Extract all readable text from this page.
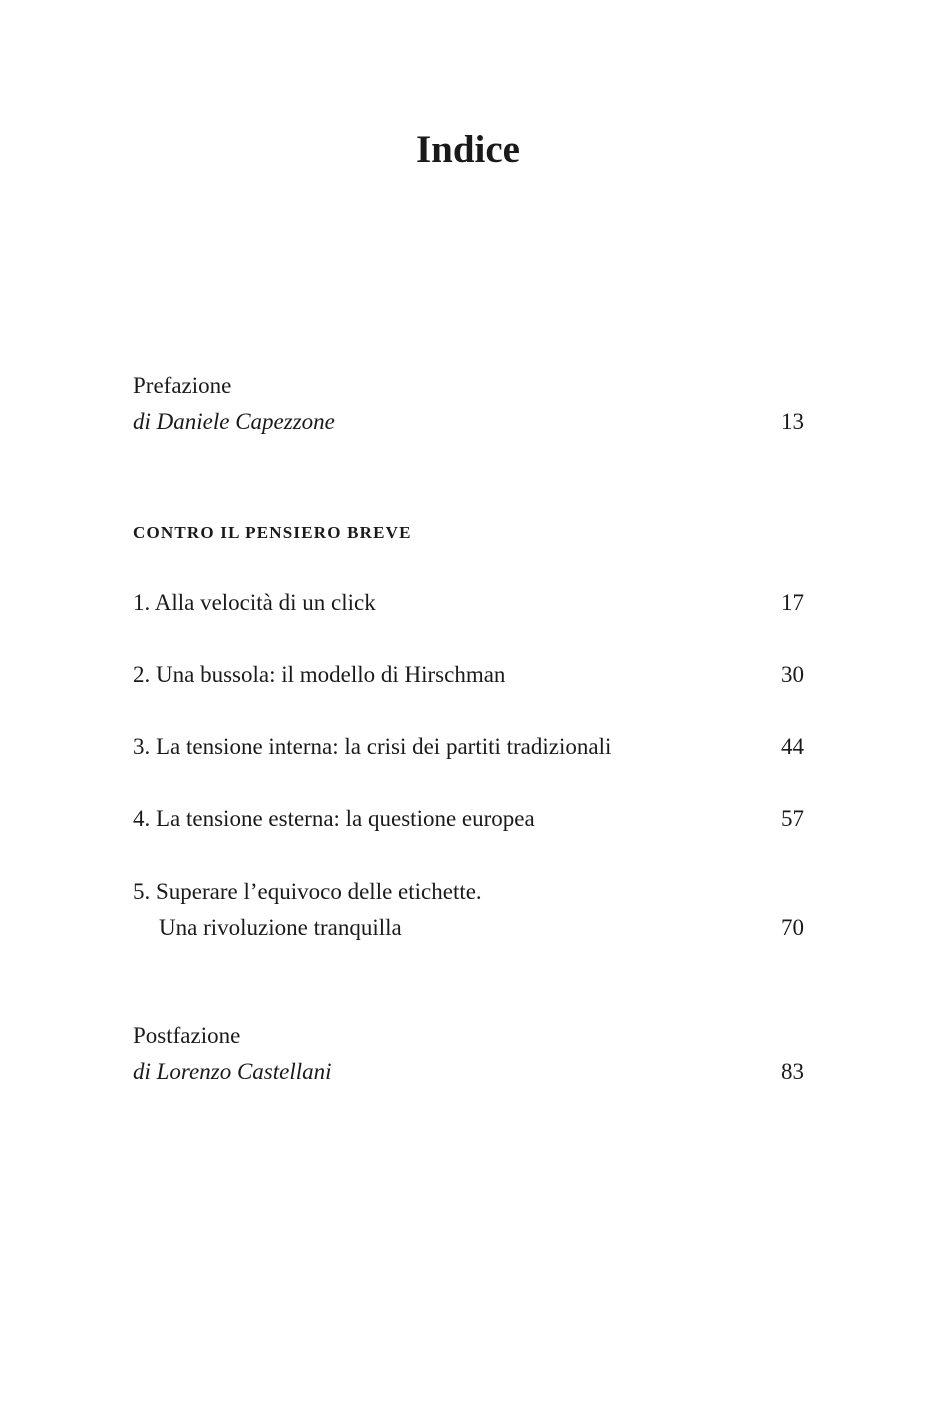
Indice
Prefazione
di Daniele Capezzone	13
CONTRO IL PENSIERO BREVE
1. Alla velocità di un click	17
2. Una bussola: il modello di Hirschman	30
3. La tensione interna: la crisi dei partiti tradizionali	44
4. La tensione esterna: la questione europea	57
5. Superare l’equivoco delle etichette.
Una rivoluzione tranquilla	70
Postfazione
di Lorenzo Castellani	83
